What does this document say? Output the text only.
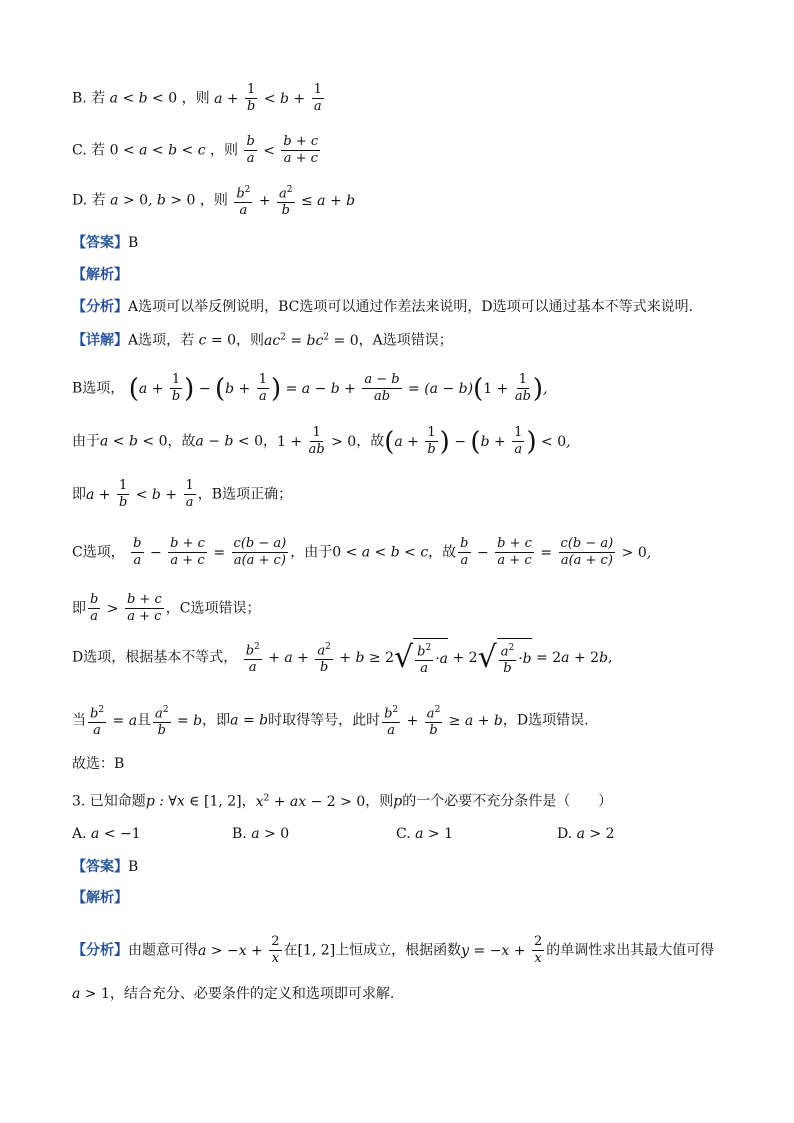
B. 若 a < b < 0 ，则 $a + \frac{1}{b} < b + \frac{1}{a}$
C. 若 0 < a < b < c ，则 $\frac{b}{a} < \frac{b + c}{a + c}$
D. 若 a > 0, b > 0 ，则 $\frac{b^2}{a} + \frac{a^2}{b} \le a + b$
【答案】B
【解析】
【分析】A选项可以举反例说明，BC选项可以通过作差法来说明，D选项可以通过基本不等式来说明.
【详解】A选项，若 c = 0，则$ac^2 = bc^2 = 0$，A选项错误；
B选项， ($a + \frac{1}{b}$ ) − ($b + \frac{1}{a}$ ) = $a - b + \frac{a - b}{ab} = (a - b)(1 + \frac{1}{ab}$ ),
由于a < b < 0，故a − b < 0，$1 + \frac{1}{ab} > 0$，故($a + \frac{1}{b}$ ) − ($b + \frac{1}{a}$ ) < 0,
即$a + \frac{1}{b} < b + \frac{1}{a}$ ，B选项正确；
C选项， $\frac{b}{a} - \frac{b + c}{a + c} = \frac{c(b - a)}{a(a + c)}$ ，由于0 < a < b < c，故 $\frac{b}{a} - \frac{b + c}{a + c} = \frac{c(b - a)}{a(a + c)} > 0$,
即 $\frac{b}{a} > \frac{b + c}{a + c}$ ，C选项错误；
D选项，根据基本不等式， $\frac{b^2}{a} + a + \frac{a^2}{b} + b \ge 2$ √ $b^2$
a
·a + 2 √ $a^2$
b
·b = 2a + 2b,
当 $\frac{b^2}{a} = a$且 $\frac{a^2}{b} = b$，即a = b时取得等号，此时 $\frac{b^2}{a} + \frac{a^2}{b} \ge a + b$，D选项错误.
故选：B
3. 已知命题p : ∀x ∈ [1, 2]，$x^2$ + ax − 2 > 0，则p的一个必要不充分条件是（　　）
A. a < −1	B. a > 0	C. a > 1	D. a > 2
【答案】B
【解析】
【分析】由题意可得$a > -x + \frac{2}{x}$ 在[1, 2]上恒成立，根据函数$y = -x + \frac{2}{x}$ 的单调性求出其最大值可得
a > 1，结合充分、必要条件的定义和选项即可求解.
